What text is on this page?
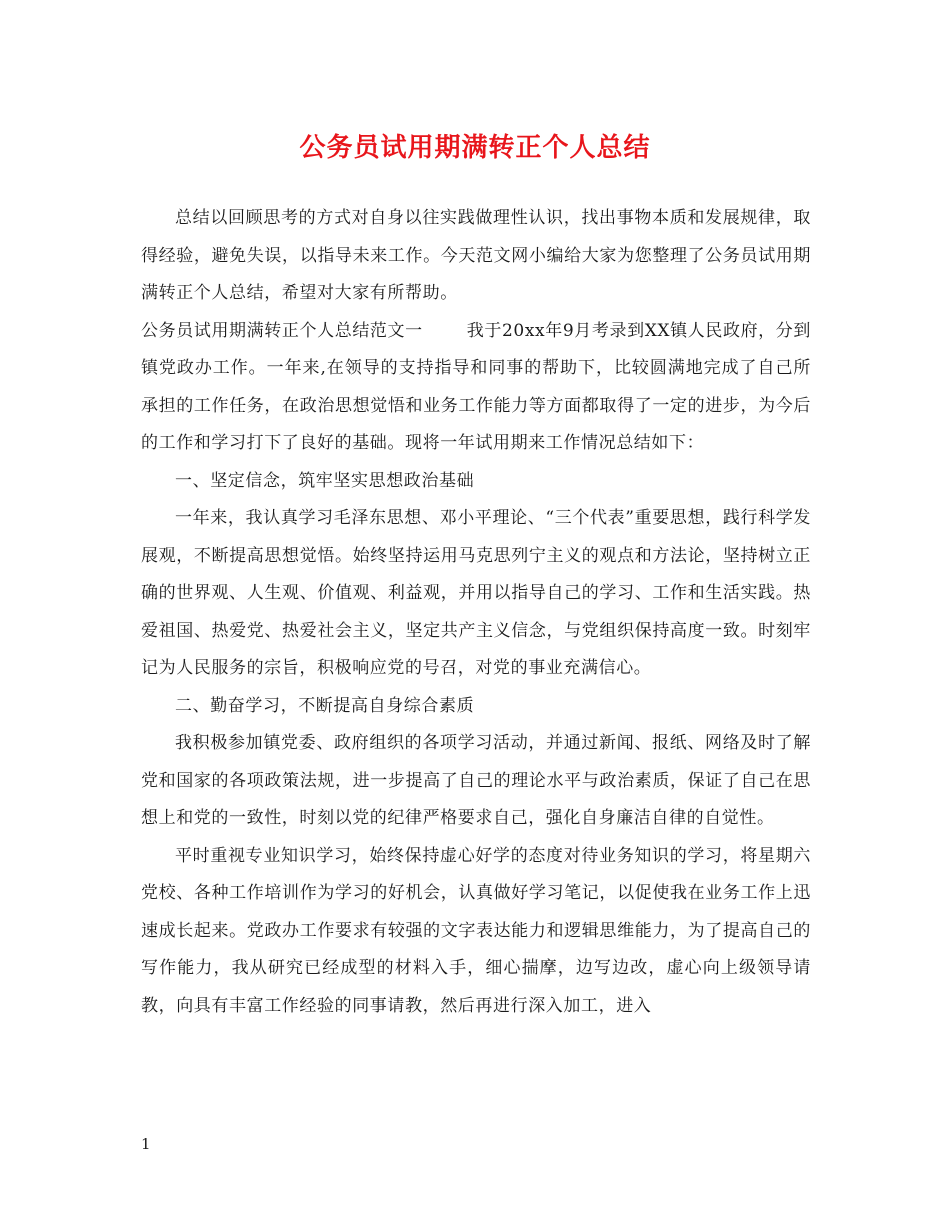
公务员试用期满转正个人总结

总结以回顾思考的方式对自身以往实践做理性认识，找出事物本质和发展规律，取得经验，避免失误，以指导未来工作。今天范文网小编给大家为您整理了公务员试用期满转正个人总结，希望对大家有所帮助。

公务员试用期满转正个人总结范文一	我于20xx年9月考录到XX镇人民政府，分到镇党政办工作。一年来,在领导的支持指导和同事的帮助下，比较圆满地完成了自己所承担的工作任务，在政治思想觉悟和业务工作能力等方面都取得了一定的进步，为今后的工作和学习打下了良好的基础。现将一年试用期来工作情况总结如下：

一、坚定信念，筑牢坚实思想政治基础

一年来，我认真学习毛泽东思想、邓小平理论、“三个代表”重要思想，践行科学发展观，不断提高思想觉悟。始终坚持运用马克思列宁主义的观点和方法论，坚持树立正确的世界观、人生观、价值观、利益观，并用以指导自己的学习、工作和生活实践。热爱祖国、热爱党、热爱社会主义，坚定共产主义信念，与党组织保持高度一致。时刻牢记为人民服务的宗旨，积极响应党的号召，对党的事业充满信心。

二、勤奋学习，不断提高自身综合素质

我积极参加镇党委、政府组织的各项学习活动，并通过新闻、报纸、网络及时了解党和国家的各项政策法规，进一步提高了自己的理论水平与政治素质，保证了自己在思想上和党的一致性，时刻以党的纪律严格要求自己，强化自身廉洁自律的自觉性。

平时重视专业知识学习，始终保持虚心好学的态度对待业务知识的学习，将星期六党校、各种工作培训作为学习的好机会，认真做好学习笔记，以促使我在业务工作上迅速成长起来。党政办工作要求有较强的文字表达能力和逻辑思维能力，为了提高自己的写作能力，我从研究已经成型的材料入手，细心揣摩，边写边改，虚心向上级领导请教，向具有丰富工作经验的同事请教，然后再进行深入加工，进入

1
